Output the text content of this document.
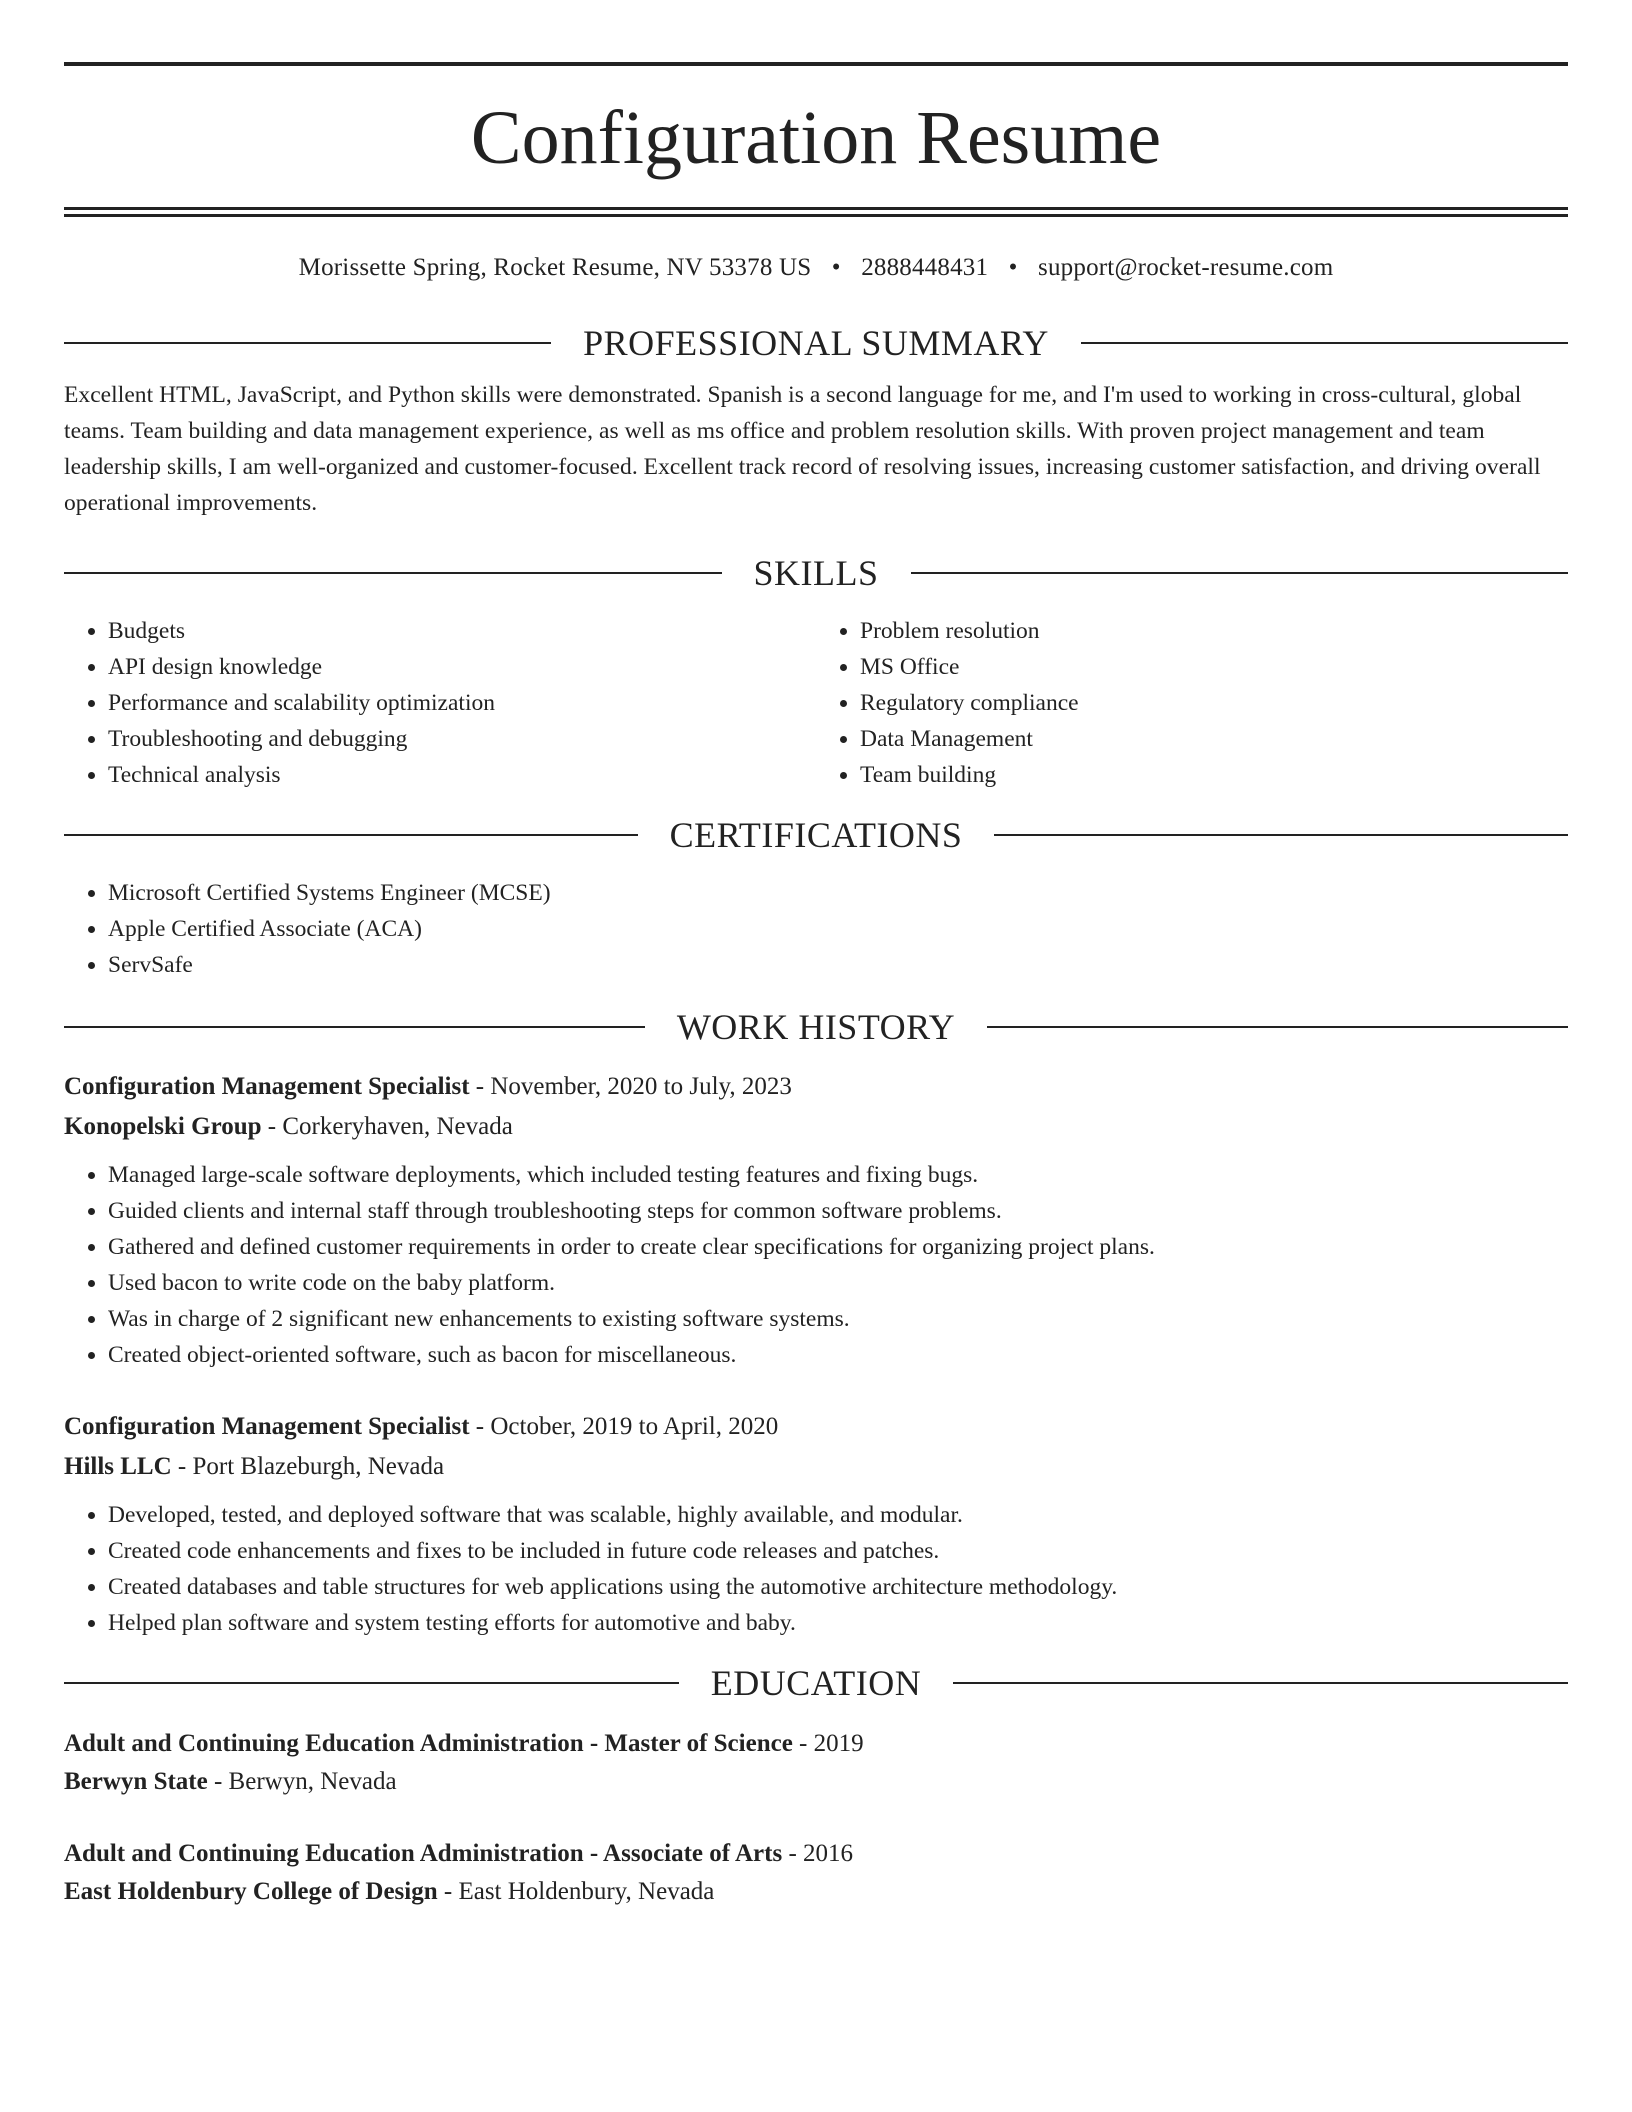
Configuration Resume
Morissette Spring, Rocket Resume, NV 53378 US • 2888448431 • support@rocket-resume.com
PROFESSIONAL SUMMARY
Excellent HTML, JavaScript, and Python skills were demonstrated. Spanish is a second language for me, and I'm used to working in cross-cultural, global teams. Team building and data management experience, as well as ms office and problem resolution skills. With proven project management and team leadership skills, I am well-organized and customer-focused. Excellent track record of resolving issues, increasing customer satisfaction, and driving overall operational improvements.
SKILLS
• Budgets
• API design knowledge
• Performance and scalability optimization
• Troubleshooting and debugging
• Technical analysis
• Problem resolution
• MS Office
• Regulatory compliance
• Data Management
• Team building
CERTIFICATIONS
• Microsoft Certified Systems Engineer (MCSE)
• Apple Certified Associate (ACA)
• ServSafe
WORK HISTORY
Configuration Management Specialist - November, 2020 to July, 2023
Konopelski Group - Corkeryhaven, Nevada
• Managed large-scale software deployments, which included testing features and fixing bugs.
• Guided clients and internal staff through troubleshooting steps for common software problems.
• Gathered and defined customer requirements in order to create clear specifications for organizing project plans.
• Used bacon to write code on the baby platform.
• Was in charge of 2 significant new enhancements to existing software systems.
• Created object-oriented software, such as bacon for miscellaneous.
Configuration Management Specialist - October, 2019 to April, 2020
Hills LLC - Port Blazeburgh, Nevada
• Developed, tested, and deployed software that was scalable, highly available, and modular.
• Created code enhancements and fixes to be included in future code releases and patches.
• Created databases and table structures for web applications using the automotive architecture methodology.
• Helped plan software and system testing efforts for automotive and baby.
EDUCATION
Adult and Continuing Education Administration - Master of Science - 2019
Berwyn State - Berwyn, Nevada
Adult and Continuing Education Administration - Associate of Arts - 2016
East Holdenbury College of Design - East Holdenbury, Nevada
